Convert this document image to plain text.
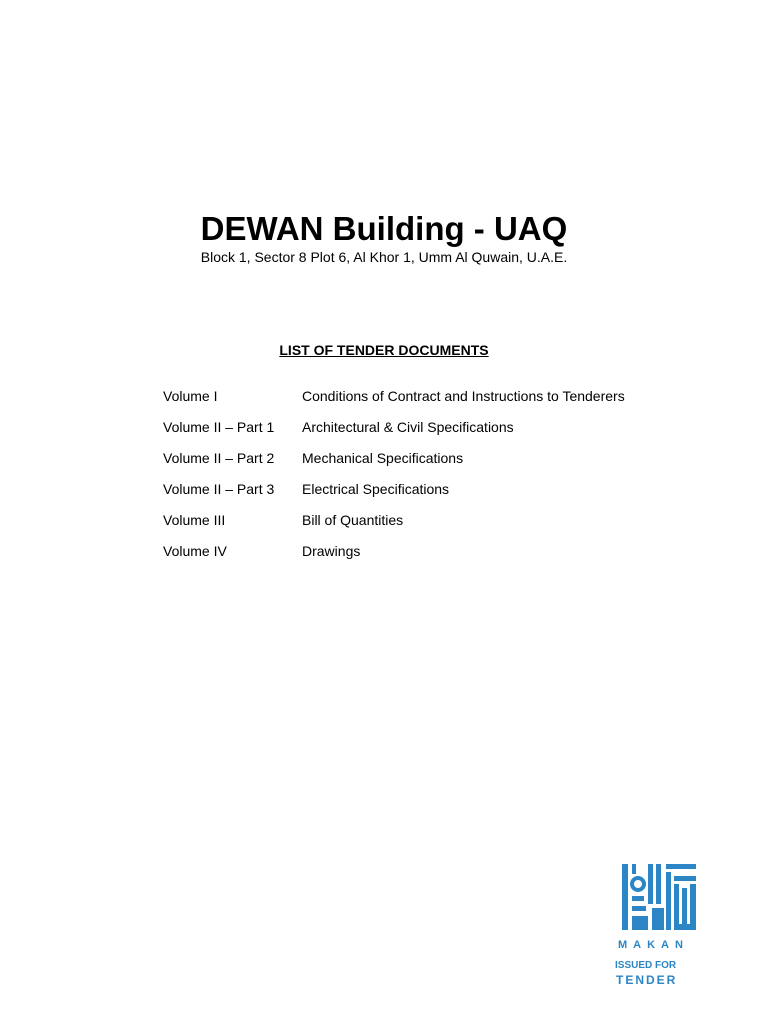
DEWAN Building - UAQ

Block 1, Sector 8 Plot 6, Al Khor 1, Umm Al Quwain, U.A.E.

LIST OF TENDER DOCUMENTS

Volume I	Conditions of Contract and Instructions to Tenderers
Volume II – Part 1	Architectural & Civil Specifications
Volume II – Part 2	Mechanical Specifications
Volume II – Part 3	Electrical Specifications
Volume III	Bill of Quantities
Volume IV	Drawings
MAKAN
ISSUED FOR
TENDER
